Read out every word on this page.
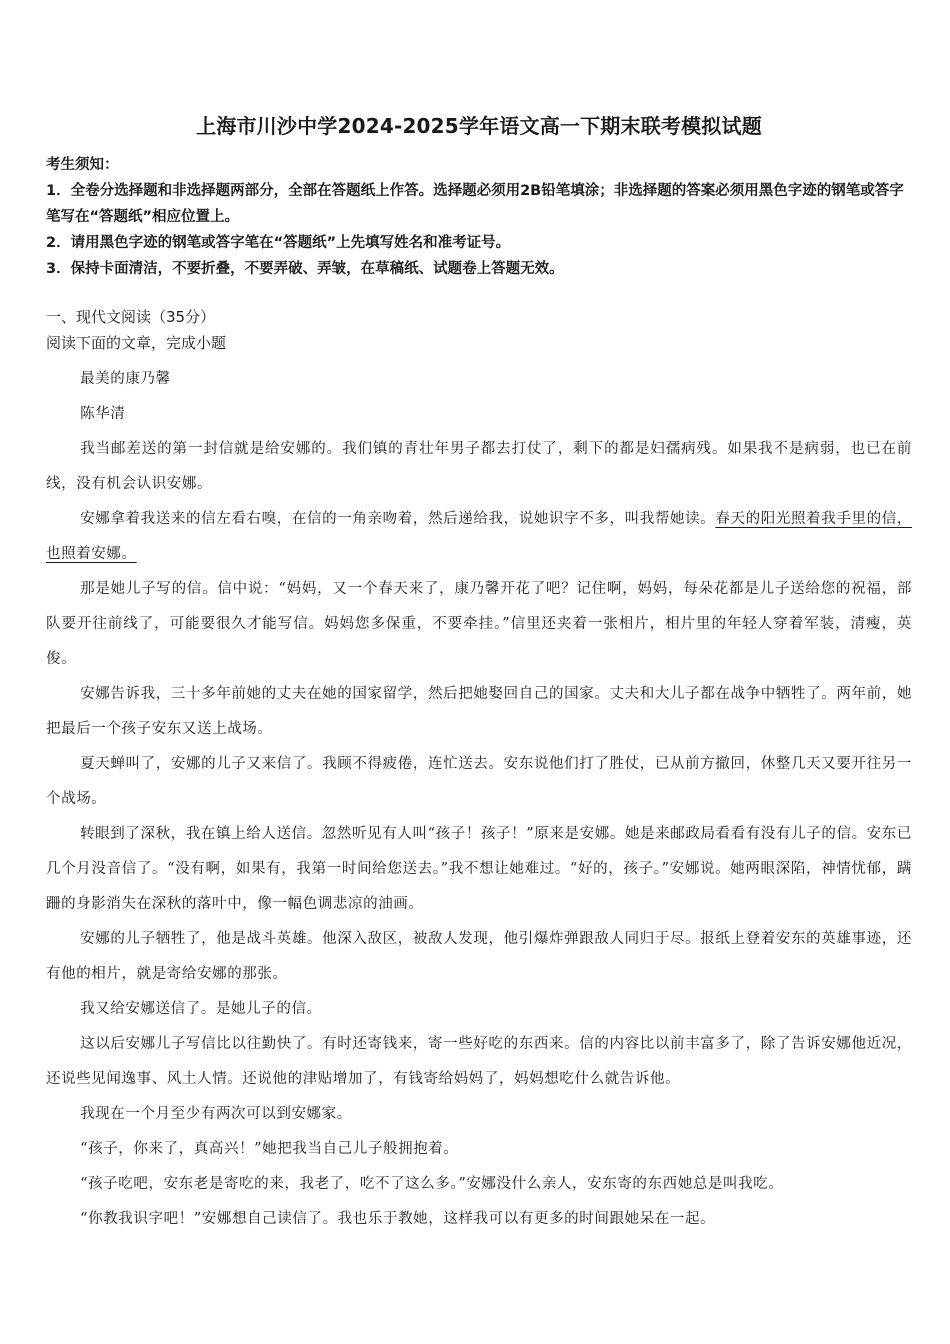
上海市川沙中学2024-2025学年语文高一下期末联考模拟试题

考生须知：

1．全卷分选择题和非选择题两部分，全部在答题纸上作答。选择题必须用2B铅笔填涂；非选择题的答案必须用黑色字迹的钢笔或答字笔写在“答题纸”相应位置上。

2．请用黑色字迹的钢笔或答字笔在“答题纸”上先填写姓名和准考证号。

3．保持卡面清洁，不要折叠，不要弄破、弄皱，在草稿纸、试题卷上答题无效。

一、现代文阅读（35分）
阅读下面的文章，完成小题

最美的康乃馨

陈华清

我当邮差送的第一封信就是给安娜的。我们镇的青壮年男子都去打仗了，剩下的都是妇孺病残。如果我不是病弱，也已在前线，没有机会认识安娜。

安娜拿着我送来的信左看右嗅，在信的一角亲吻着，然后递给我，说她识字不多，叫我帮她读。春天的阳光照着我手里的信，也照着安娜。

那是她儿子写的信。信中说：“妈妈，又一个春天来了，康乃馨开花了吧？记住啊，妈妈，每朵花都是儿子送给您的祝福，部队要开往前线了，可能要很久才能写信。妈妈您多保重，不要牵挂。”信里还夹着一张相片，相片里的年轻人穿着军装，清瘦，英俊。

安娜告诉我，三十多年前她的丈夫在她的国家留学，然后把她娶回自己的国家。丈夫和大儿子都在战争中牺牲了。两年前，她把最后一个孩子安东又送上战场。

夏天蝉叫了，安娜的儿子又来信了。我顾不得疲倦，连忙送去。安东说他们打了胜仗，已从前方撤回，休整几天又要开往另一个战场。

转眼到了深秋，我在镇上给人送信。忽然听见有人叫“孩子！孩子！”原来是安娜。她是来邮政局看看有没有儿子的信。安东已几个月没音信了。“没有啊，如果有，我第一时间给您送去。”我不想让她难过。“好的，孩子。”安娜说。她两眼深陷，神情忧郁，蹒跚的身影消失在深秋的落叶中，像一幅色调悲凉的油画。

安娜的儿子牺牲了，他是战斗英雄。他深入敌区，被敌人发现，他引爆炸弹跟敌人同归于尽。报纸上登着安东的英雄事迹，还有他的相片，就是寄给安娜的那张。

我又给安娜送信了。是她儿子的信。

这以后安娜儿子写信比以往勤快了。有时还寄钱来，寄一些好吃的东西来。信的内容比以前丰富多了，除了告诉安娜他近况，还说些见闻逸事、风土人情。还说他的津贴增加了，有钱寄给妈妈了，妈妈想吃什么就告诉他。

我现在一个月至少有两次可以到安娜家。

“孩子，你来了，真高兴！”她把我当自己儿子般拥抱着。

“孩子吃吧，安东老是寄吃的来，我老了，吃不了这么多。”安娜没什么亲人，安东寄的东西她总是叫我吃。

“你教我识字吧！”安娜想自己读信了。我也乐于教她，这样我可以有更多的时间跟她呆在一起。
